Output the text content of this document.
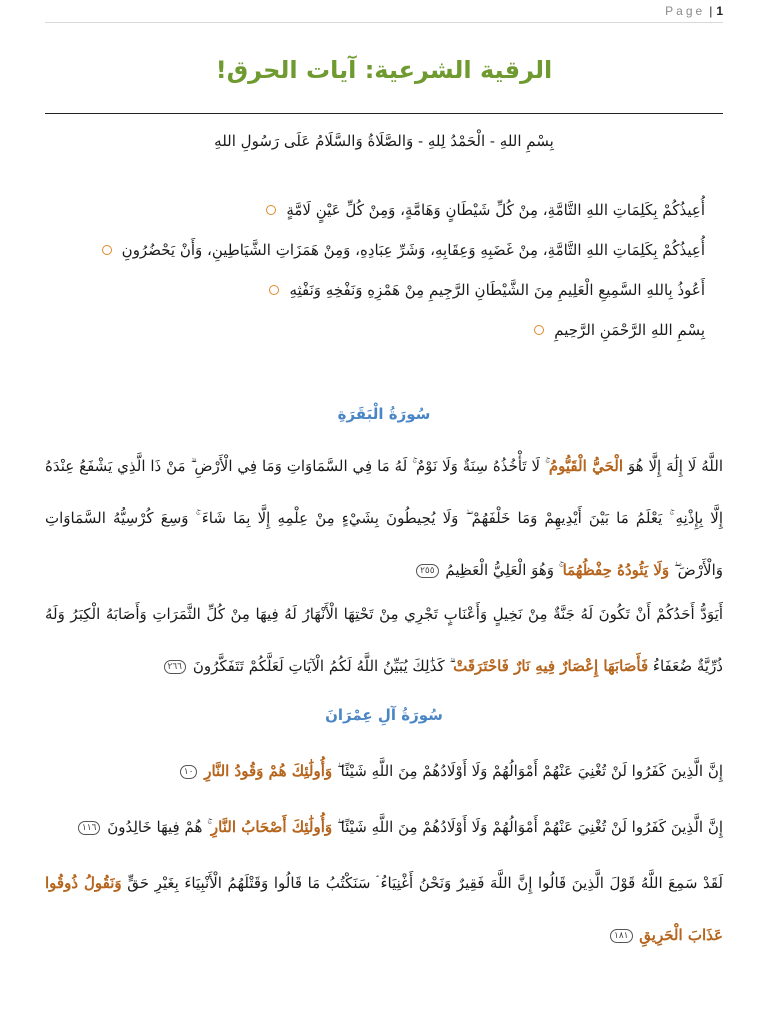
Page | 1
الرقية الشرعية: آيات الحرق!
بِسْمِ اللهِ - الْحَمْدُ لِلهِ - وَالصَّلَاةُ وَالسَّلَامُ عَلَى رَسُولِ اللهِ
أُعِيذُكُمْ بِكَلِمَاتِ اللهِ التَّامَّةِ، مِنْ كُلِّ شَيْطَانٍ وَهَامَّةٍ، وَمِنْ كُلِّ عَيْنٍ لَامَّةٍ
أُعِيذُكُمْ بِكَلِمَاتِ اللهِ التَّامَّةِ، مِنْ غَضَبِهِ وَعِقَابِهِ، وَشَرِّ عِبَادِهِ، وَمِنْ هَمَزَاتِ الشَّيَاطِينِ، وَأَنْ يَحْضُرُونِ
أَعُوذُ بِاللهِ السَّمِيعِ الْعَلِيمِ مِنَ الشَّيْطَانِ الرَّجِيمِ مِنْ هَمْزِهِ وَنَفْخِهِ وَنَفْثِهِ
بِسْمِ اللهِ الرَّحْمَنِ الرَّحِيمِ
سُورَةُ الْبَقَرَةِ
اللَّهُ لَا إِلَٰهَ إِلَّا هُوَ الْحَيُّ الْقَيُّومُ ۚ لَا تَأْخُذُهُ سِنَةٌ وَلَا نَوْمٌ ۚ لَهُ مَا فِي السَّمَاوَاتِ وَمَا فِي الْأَرْضِ ۗ مَنْ ذَا الَّذِي يَشْفَعُ عِنْدَهُ إِلَّا بِإِذْنِهِ ۚ يَعْلَمُ مَا بَيْنَ أَيْدِيهِمْ وَمَا خَلْفَهُمْ ۖ وَلَا يُحِيطُونَ بِشَيْءٍ مِنْ عِلْمِهِ إِلَّا بِمَا شَاءَ ۚ وَسِعَ كُرْسِيُّهُ السَّمَاوَاتِ وَالْأَرْضَ ۖ وَلَا يَئُودُهُ حِفْظُهُمَا ۚ وَهُوَ الْعَلِيُّ الْعَظِيمُ ٢٥٥
أَيَوَدُّ أَحَدُكُمْ أَنْ تَكُونَ لَهُ جَنَّةٌ مِنْ نَخِيلٍ وَأَعْنَابٍ تَجْرِي مِنْ تَحْتِهَا الْأَنْهَارُ لَهُ فِيهَا مِنْ كُلِّ الثَّمَرَاتِ وَأَصَابَهُ الْكِبَرُ وَلَهُ ذُرِّيَّةٌ ضُعَفَاءُ فَأَصَابَهَا إِعْصَارٌ فِيهِ نَارٌ فَاحْتَرَقَتْ ۗ كَذَٰلِكَ يُبَيِّنُ اللَّهُ لَكُمُ الْآيَاتِ لَعَلَّكُمْ تَتَفَكَّرُونَ ٢٦٦
سُورَةُ آلِ عِمْرَانَ
إِنَّ الَّذِينَ كَفَرُوا لَنْ تُغْنِيَ عَنْهُمْ أَمْوَالُهُمْ وَلَا أَوْلَادُهُمْ مِنَ اللَّهِ شَيْئًا ۖ وَأُولَٰئِكَ هُمْ وَقُودُ النَّارِ ١٠
إِنَّ الَّذِينَ كَفَرُوا لَنْ تُغْنِيَ عَنْهُمْ أَمْوَالُهُمْ وَلَا أَوْلَادُهُمْ مِنَ اللَّهِ شَيْئًا ۖ وَأُولَٰئِكَ أَصْحَابُ النَّارِ ۚ هُمْ فِيهَا خَالِدُونَ ١١٦
لَقَدْ سَمِعَ اللَّهُ قَوْلَ الَّذِينَ قَالُوا إِنَّ اللَّهَ فَقِيرٌ وَنَحْنُ أَغْنِيَاءُ ۘ سَنَكْتُبُ مَا قَالُوا وَقَتْلَهُمُ الْأَنْبِيَاءَ بِغَيْرِ حَقٍّ وَنَقُولُ ذُوقُوا عَذَابَ الْحَرِيقِ ١٨١
